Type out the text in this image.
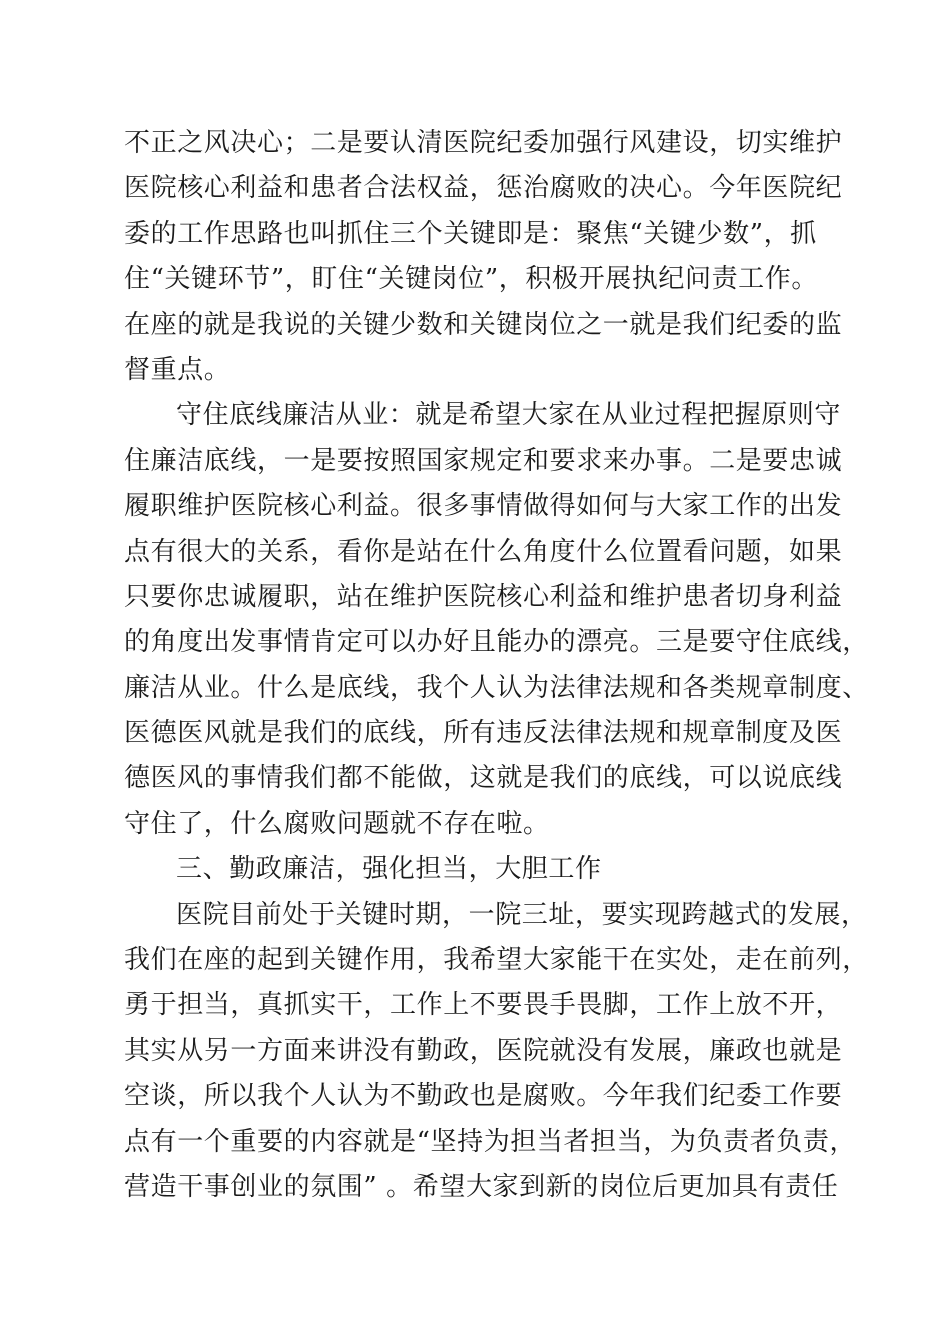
不正之风决心；二是要认清医院纪委加强行风建设，切实维护
医院核心利益和患者合法权益，惩治腐败的决心。今年医院纪
委的工作思路也叫抓住三个关键即是：聚焦“关键少数”，抓
住“关键环节”，盯住“关键岗位”，积极开展执纪问责工作。
在座的就是我说的关键少数和关键岗位之一就是我们纪委的监
督重点。
守住底线廉洁从业：就是希望大家在从业过程把握原则守
住廉洁底线，一是要按照国家规定和要求来办事。二是要忠诚
履职维护医院核心利益。很多事情做得如何与大家工作的出发
点有很大的关系，看你是站在什么角度什么位置看问题，如果
只要你忠诚履职，站在维护医院核心利益和维护患者切身利益
的角度出发事情肯定可以办好且能办的漂亮。三是要守住底线，
廉洁从业。什么是底线，我个人认为法律法规和各类规章制度、
医德医风就是我们的底线，所有违反法律法规和规章制度及医
德医风的事情我们都不能做，这就是我们的底线，可以说底线
守住了，什么腐败问题就不存在啦。
三、勤政廉洁，强化担当，大胆工作
医院目前处于关键时期，一院三址，要实现跨越式的发展，
我们在座的起到关键作用，我希望大家能干在实处，走在前列，
勇于担当，真抓实干，工作上不要畏手畏脚，工作上放不开，
其实从另一方面来讲没有勤政，医院就没有发展，廉政也就是
空谈，所以我个人认为不勤政也是腐败。今年我们纪委工作要
点有一个重要的内容就是“坚持为担当者担当，为负责者负责，
营造干事创业的氛围” 。希望大家到新的岗位后更加具有责任
